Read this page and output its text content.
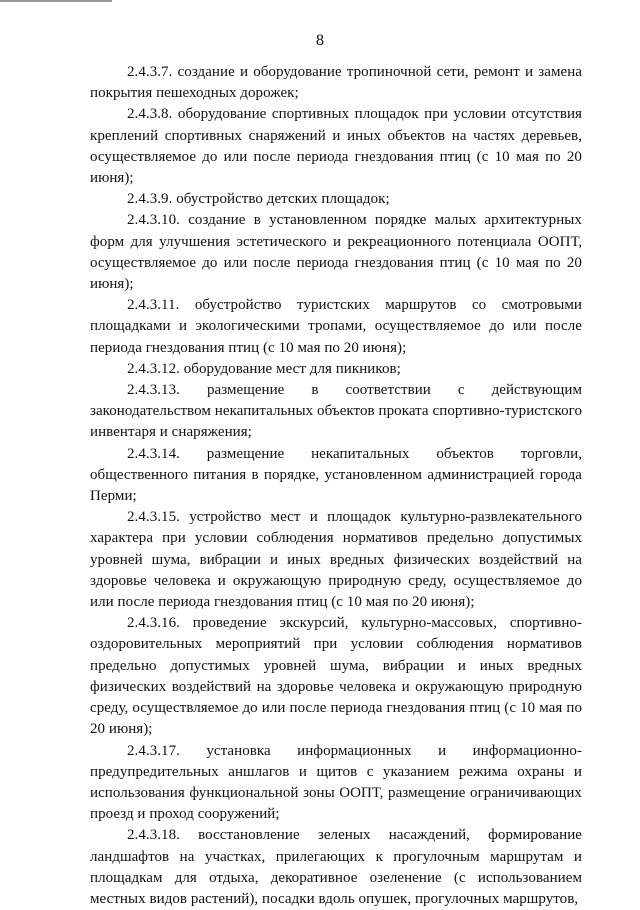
8

2.4.3.7. создание и оборудование тропиночной сети, ремонт и замена покрытия пешеходных дорожек;

2.4.3.8. оборудование спортивных площадок при условии отсутствия креплений спортивных снаряжений и иных объектов на частях деревьев, осуществляемое до или после периода гнездования птиц (с 10 мая по 20 июня);

2.4.3.9. обустройство детских площадок;

2.4.3.10. создание в установленном порядке малых архитектурных форм для улучшения эстетического и рекреационного потенциала ООПТ, осуществляемое до или после периода гнездования птиц (с 10 мая по 20 июня);

2.4.3.11. обустройство туристских маршрутов со смотровыми площадками и экологическими тропами, осуществляемое до или после периода гнездования птиц (с 10 мая по 20 июня);

2.4.3.12. оборудование мест для пикников;

2.4.3.13. размещение в соответствии с действующим законодательством некапитальных объектов проката спортивно-туристского инвентаря и снаряжения;

2.4.3.14. размещение некапитальных объектов торговли, общественного питания в порядке, установленном администрацией города Перми;

2.4.3.15. устройство мест и площадок культурно-развлекательного характера при условии соблюдения нормативов предельно допустимых уровней шума, вибрации и иных вредных физических воздействий на здоровье человека и окружающую природную среду, осуществляемое до или после периода гнездования птиц (с 10 мая по 20 июня);

2.4.3.16. проведение экскурсий, культурно-массовых, спортивно-оздоровительных мероприятий при условии соблюдения нормативов предельно допустимых уровней шума, вибрации и иных вредных физических воздействий на здоровье человека и окружающую природную среду, осуществляемое до или после периода гнездования птиц (с 10 мая по 20 июня);

2.4.3.17. установка информационных и информационно-предупредительных аншлагов и щитов с указанием режима охраны и использования функциональной зоны ООПТ, размещение ограничивающих проезд и проход сооружений;

2.4.3.18. восстановление зеленых насаждений, формирование ландшафтов на участках, прилегающих к прогулочным маршрутам и площадкам для отдыха, декоративное озеленение (с использованием местных видов растений), посадки вдоль опушек, прогулочных маршрутов,
